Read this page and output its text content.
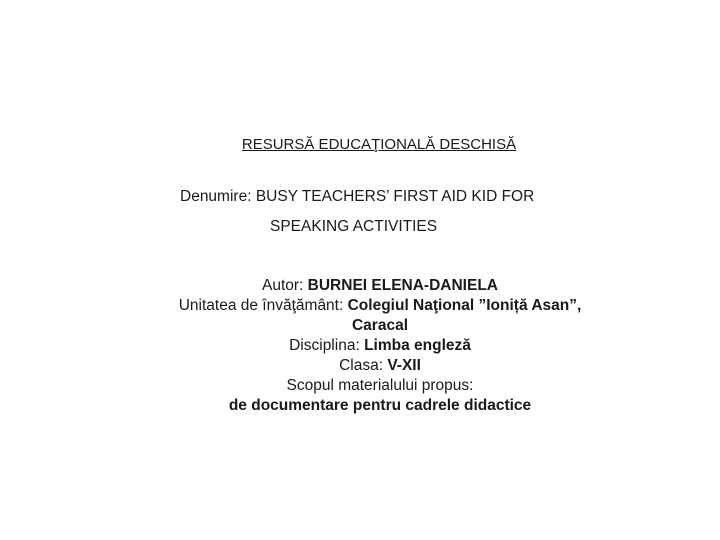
RESURSĂ EDUCAŢIONALĂ DESCHISĂ
Denumire: BUSY TEACHERS’ FIRST AID KID FOR
SPEAKING ACTIVITIES
Autor: BURNEI ELENA-DANIELA
Unitatea de învăţământ: Colegiul Naţional ”Ioniță Asan”,
Caracal
Disciplina: Limba engleză
Clasa: V-XII
Scopul materialului propus:
de documentare pentru cadrele didactice
